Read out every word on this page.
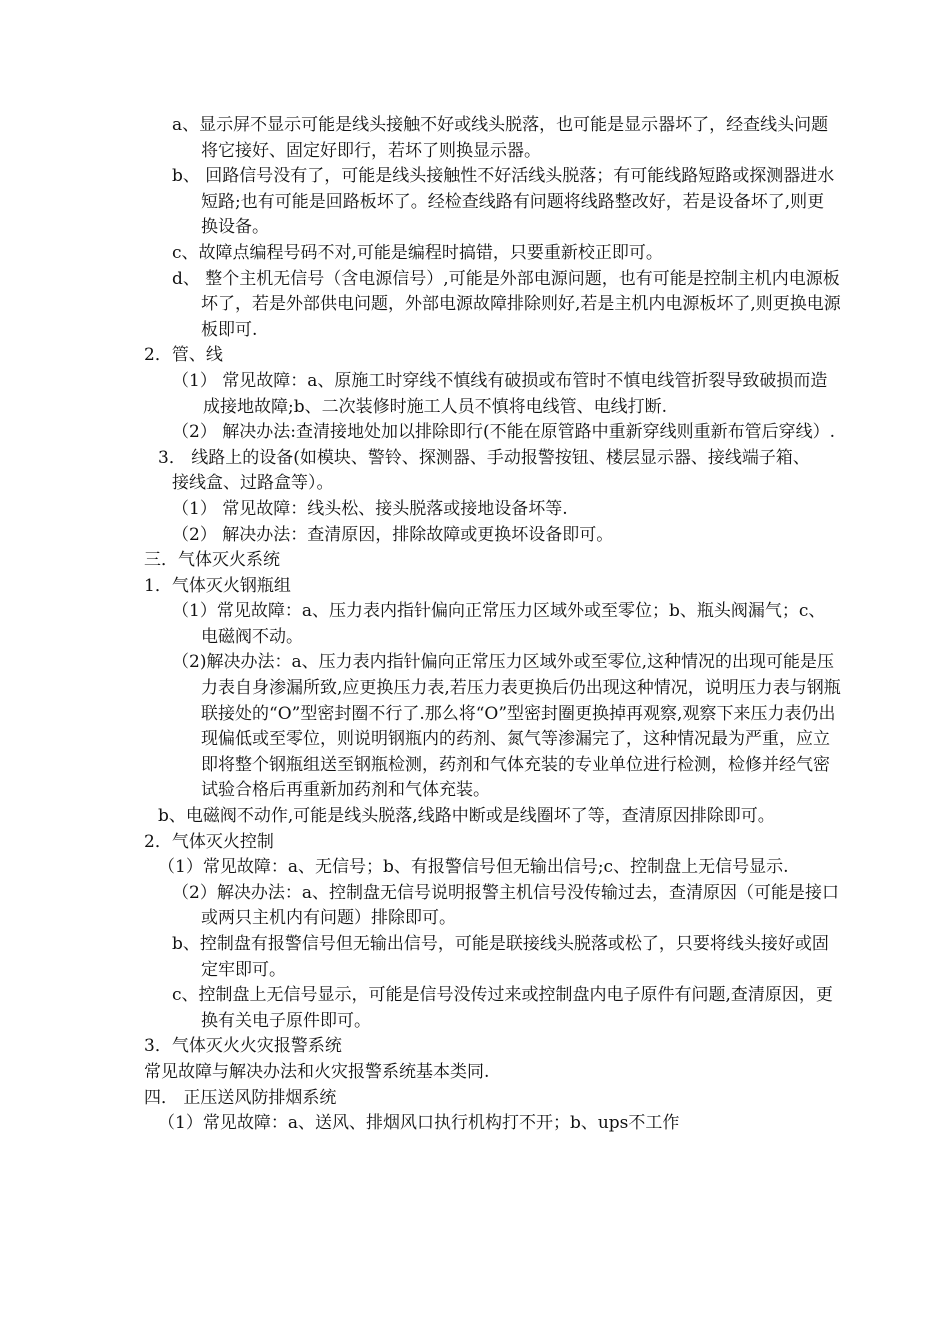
a、显示屏不显示可能是线头接触不好或线头脱落，也可能是显示器坏了，经查线头问题将它接好、固定好即行，若坏了则换显示器。
b、 回路信号没有了，可能是线头接触性不好活线头脱落；有可能线路短路或探测器进水短路;也有可能是回路板坏了。经检查线路有问题将线路整改好，若是设备坏了,则更换设备。
c、故障点编程号码不对,可能是编程时搞错，只要重新校正即可。
d、 整个主机无信号（含电源信号）,可能是外部电源问题，也有可能是控制主机内电源板坏了，若是外部供电问题，外部电源故障排除则好,若是主机内电源板坏了,则更换电源板即可.
2．管、线
（1） 常见故障：a、原施工时穿线不慎线有破损或布管时不慎电线管折裂导致破损而造成接地故障;b、二次装修时施工人员不慎将电线管、电线打断.
（2） 解决办法:查清接地处加以排除即行(不能在原管路中重新穿线则重新布管后穿线）.
3． 线路上的设备(如模块、警铃、探测器、手动报警按钮、楼层显示器、接线端子箱、接线盒、过路盒等）。
（1） 常见故障：线头松、接头脱落或接地设备坏等.
（2） 解决办法：查清原因，排除故障或更换坏设备即可。
三．气体灭火系统
1．气体灭火钢瓶组
（1）常见故障：a、压力表内指针偏向正常压力区域外或至零位；b、瓶头阀漏气；c、电磁阀不动。
（2)解决办法：a、压力表内指针偏向正常压力区域外或至零位,这种情况的出现可能是压力表自身渗漏所致,应更换压力表,若压力表更换后仍出现这种情况，说明压力表与钢瓶联接处的“O”型密封圈不行了.那么将“O”型密封圈更换掉再观察,观察下来压力表仍出现偏低或至零位，则说明钢瓶内的药剂、氮气等渗漏完了，这种情况最为严重，应立即将整个钢瓶组送至钢瓶检测，药剂和气体充装的专业单位进行检测，检修并经气密试验合格后再重新加药剂和气体充装。
b、电磁阀不动作,可能是线头脱落,线路中断或是线圈坏了等，查清原因排除即可。
2．气体灭火控制
（1）常见故障：a、无信号；b、有报警信号但无输出信号;c、控制盘上无信号显示.
（2）解决办法：a、控制盘无信号说明报警主机信号没传输过去，查清原因（可能是接口或两只主机内有问题）排除即可。
b、控制盘有报警信号但无输出信号，可能是联接线头脱落或松了，只要将线头接好或固定牢即可。
c、控制盘上无信号显示，可能是信号没传过来或控制盘内电子原件有问题,查清原因，更换有关电子原件即可。
3．气体灭火火灾报警系统
常见故障与解决办法和火灾报警系统基本类同.
四． 正压送风防排烟系统
（1）常见故障：a、送风、排烟风口执行机构打不开；b、ups不工作
